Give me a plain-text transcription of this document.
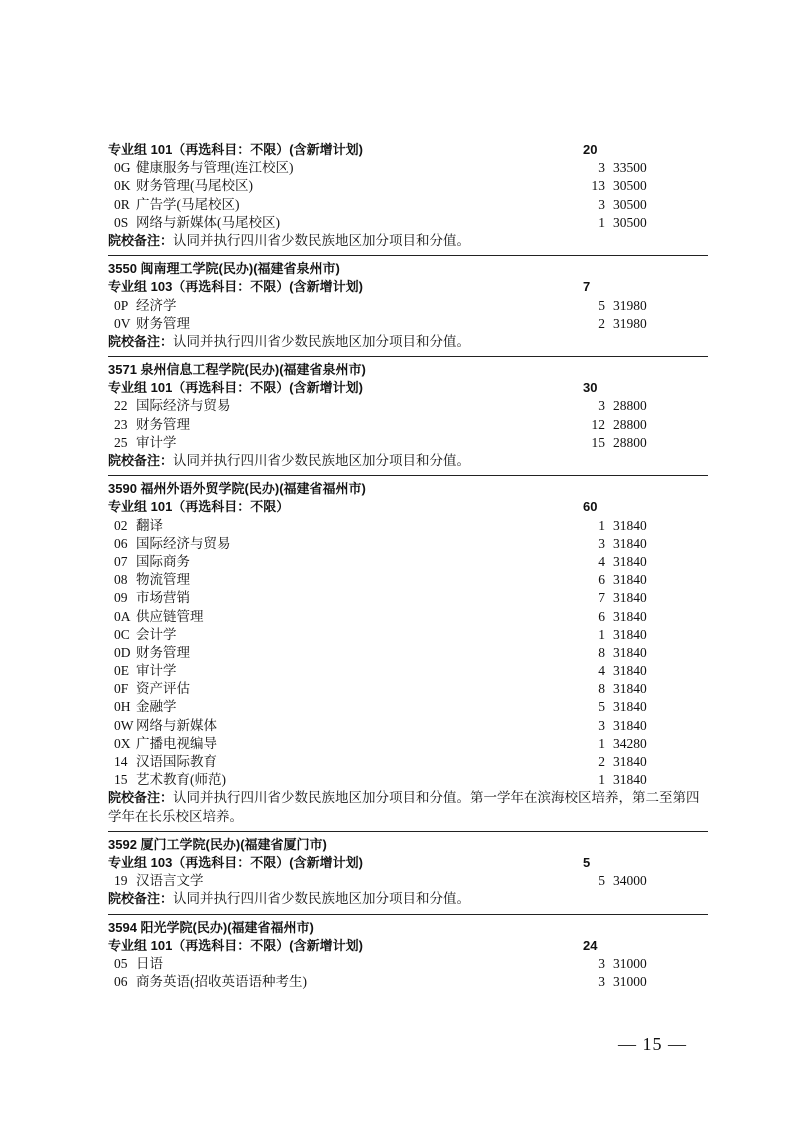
专业组 101（再选科目：不限）(含新增计划)	20
0G 健康服务与管理(连江校区)	3 33500
0K 财务管理(马尾校区)	13 30500
0R 广告学(马尾校区)	3 30500
0S 网络与新媒体(马尾校区)	1 30500
院校备注：认同并执行四川省少数民族地区加分项目和分值。
3550 闽南理工学院(民办)(福建省泉州市)
专业组 103（再选科目：不限）(含新增计划)	7
0P 经济学	5 31980
0V 财务管理	2 31980
院校备注：认同并执行四川省少数民族地区加分项目和分值。
3571 泉州信息工程学院(民办)(福建省泉州市)
专业组 101（再选科目：不限）(含新增计划)	30
22 国际经济与贸易	3 28800
23 财务管理	12 28800
25 审计学	15 28800
院校备注：认同并执行四川省少数民族地区加分项目和分值。
3590 福州外语外贸学院(民办)(福建省福州市)
专业组 101（再选科目：不限）	60
02 翻译	1 31840
06 国际经济与贸易	3 31840
07 国际商务	4 31840
08 物流管理	6 31840
09 市场营销	7 31840
0A 供应链管理	6 31840
0C 会计学	1 31840
0D 财务管理	8 31840
0E 审计学	4 31840
0F 资产评估	8 31840
0H 金融学	5 31840
0W 网络与新媒体	3 31840
0X 广播电视编导	1 34280
14 汉语国际教育	2 31840
15 艺术教育(师范)	1 31840
院校备注：认同并执行四川省少数民族地区加分项目和分值。第一学年在滨海校区培养，第二至第四学年在长乐校区培养。
3592 厦门工学院(民办)(福建省厦门市)
专业组 103（再选科目：不限）(含新增计划)	5
19 汉语言文学	5 34000
院校备注：认同并执行四川省少数民族地区加分项目和分值。
3594 阳光学院(民办)(福建省福州市)
专业组 101（再选科目：不限）(含新增计划)	24
05 日语	3 31000
06 商务英语(招收英语语种考生)	3 31000
— 15 —
